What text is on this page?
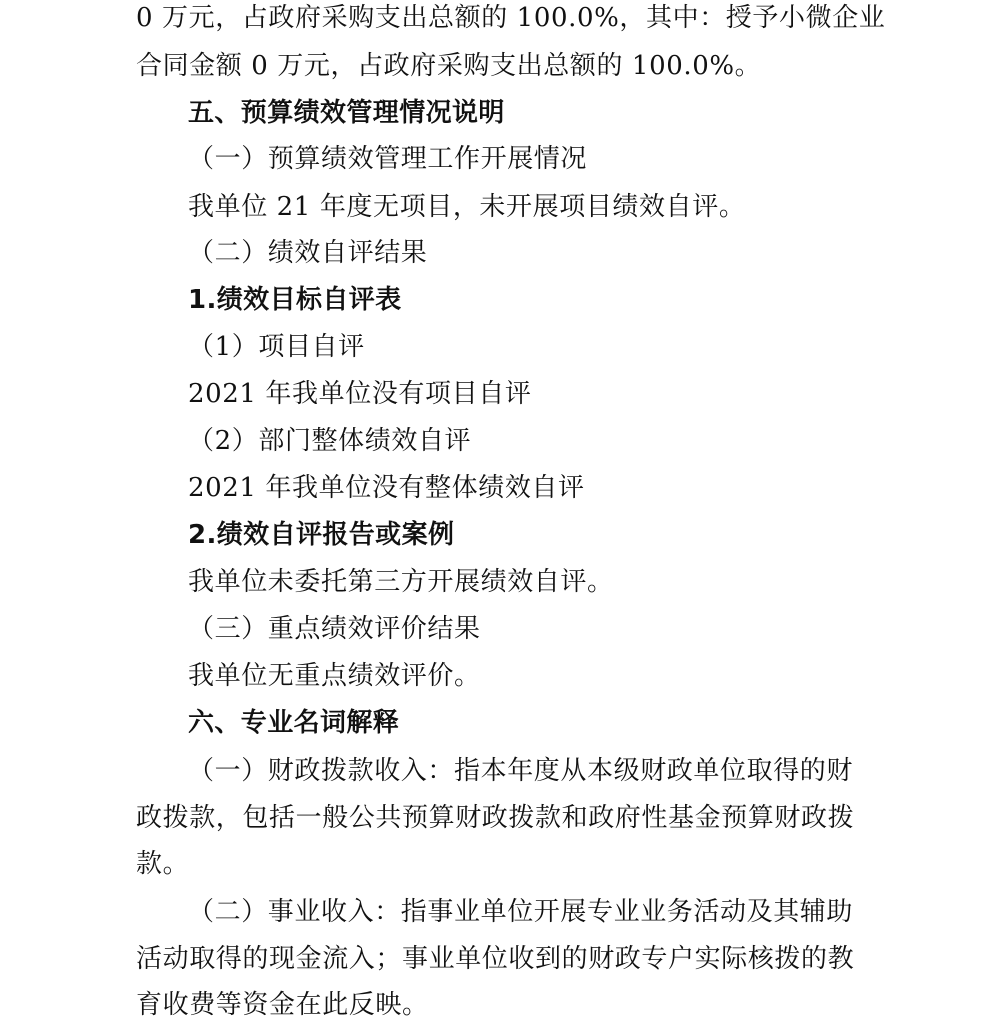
0 万元，占政府采购支出总额的 100.0%，其中：授予小微企业
合同金额 0 万元，占政府采购支出总额的 100.0%。
五、预算绩效管理情况说明
（一）预算绩效管理工作开展情况
我单位 21 年度无项目，未开展项目绩效自评。
（二）绩效自评结果
1.绩效目标自评表
（1）项目自评
2021 年我单位没有项目自评
（2）部门整体绩效自评
2021 年我单位没有整体绩效自评
2.绩效自评报告或案例
我单位未委托第三方开展绩效自评。
（三）重点绩效评价结果
我单位无重点绩效评价。
六、专业名词解释
（一）财政拨款收入：指本年度从本级财政单位取得的财
政拨款，包括一般公共预算财政拨款和政府性基金预算财政拨
款。
（二）事业收入：指事业单位开展专业业务活动及其辅助
活动取得的现金流入；事业单位收到的财政专户实际核拨的教
育收费等资金在此反映。
